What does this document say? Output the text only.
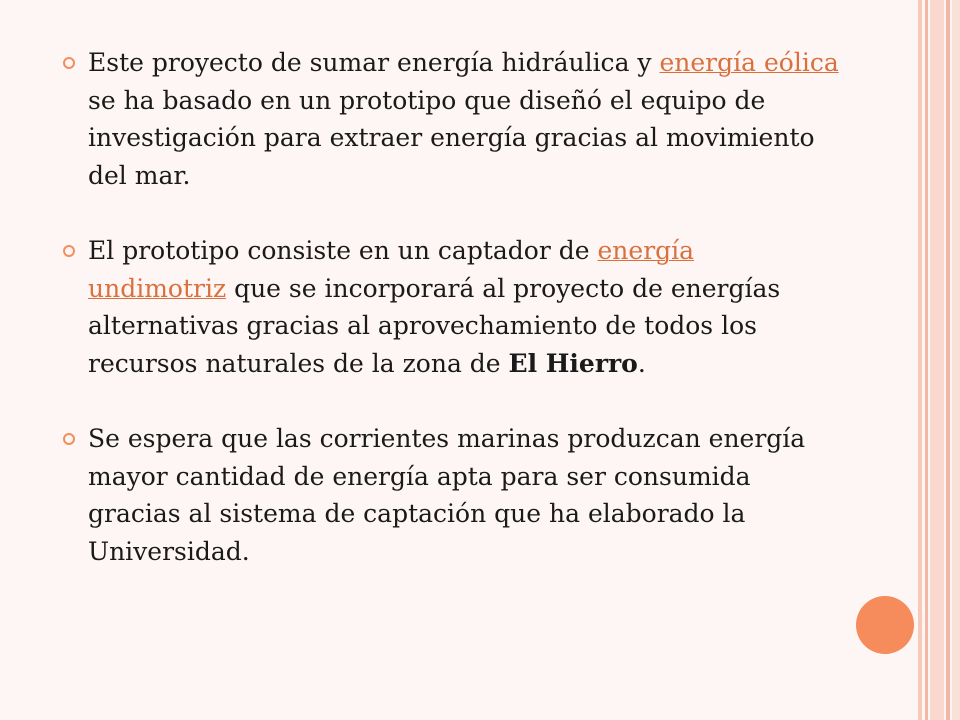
Este proyecto de sumar energía hidráulica y energía eólica se ha basado en un prototipo que diseñó el equipo de investigación para extraer energía gracias al movimiento del mar.
El prototipo consiste en un captador de energía undimotriz que se incorporará al proyecto de energías alternativas gracias al aprovechamiento de todos los recursos naturales de la zona de El Hierro.
Se espera que las corrientes marinas produzcan energía mayor cantidad de energía apta para ser consumida gracias al sistema de captación que ha elaborado la Universidad.
